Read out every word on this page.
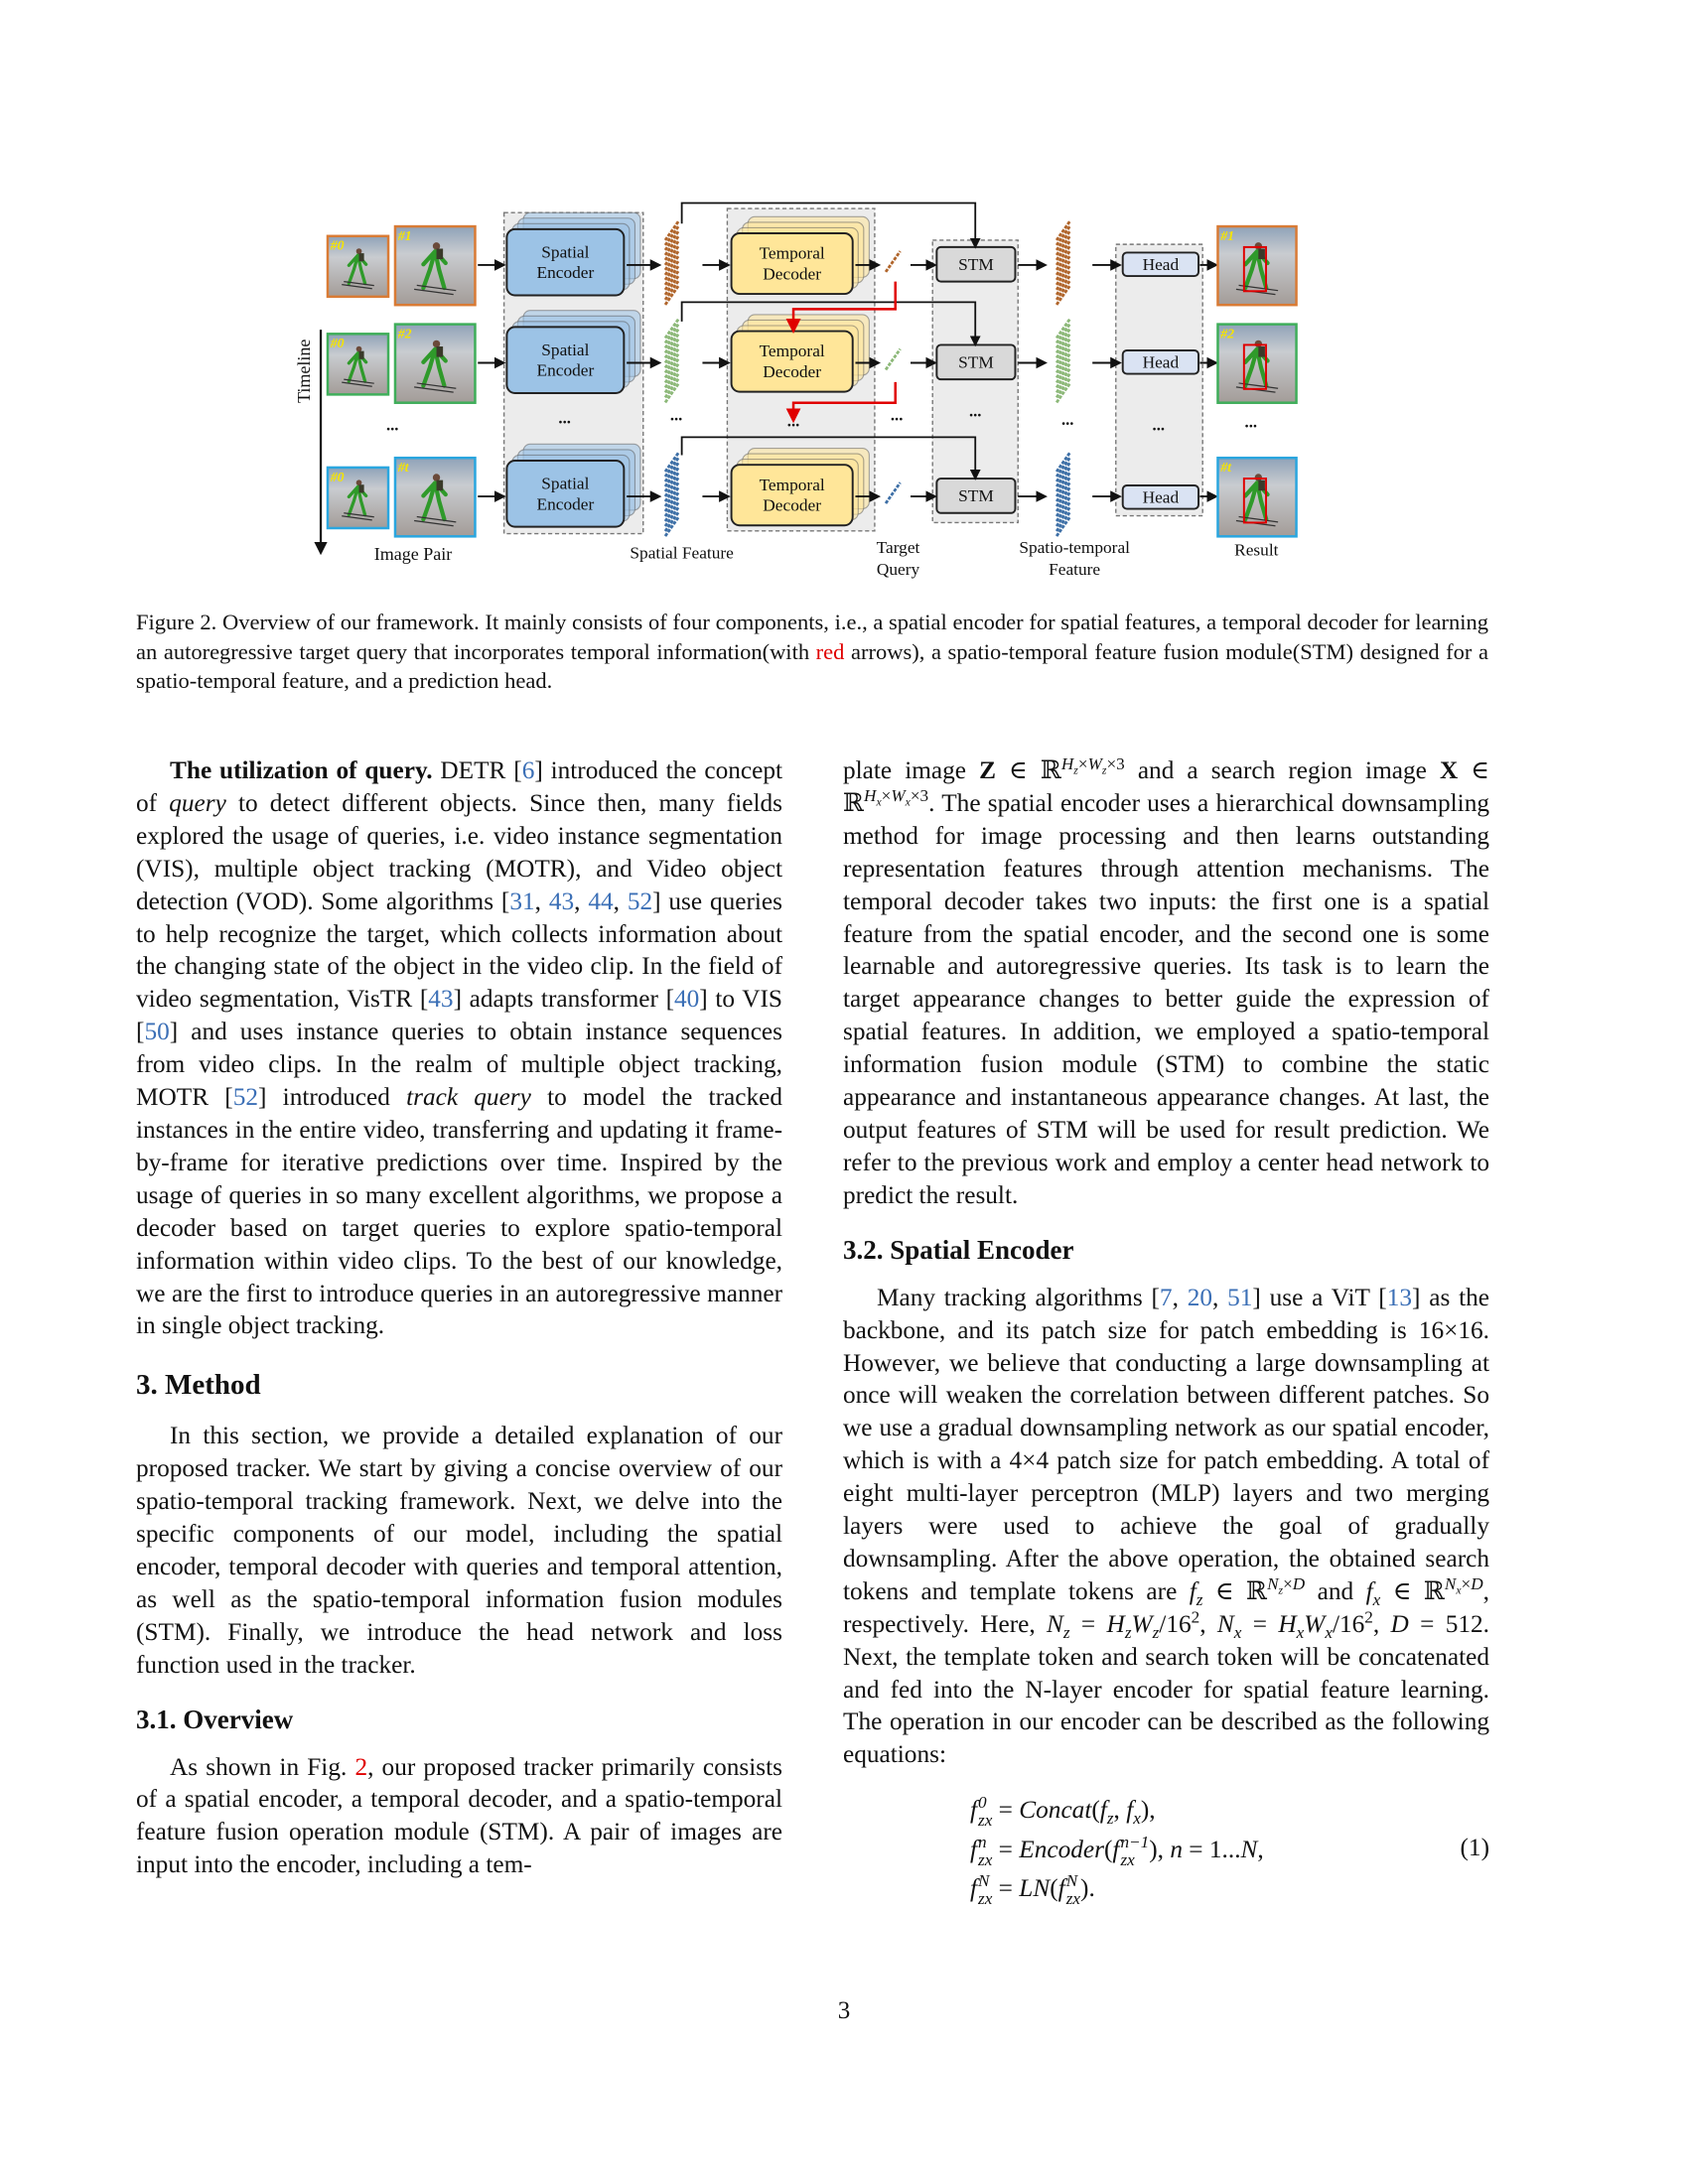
Timeline
#0
#1
Spatial
Encoder
Temporal
Decoder
STM	Head
#1
#0
#2
Spatial
Encoder
Temporal
Decoder
STM	Head
#2
#0
#t
Spatial
Encoder
Temporal
Decoder
STM	Head
#t
...	...	...	...	...	...	...	...	...
Image Pair	Spatial Feature	Target
Query
Spatio-temporal
Feature
Result
Figure 2. Overview of our framework. It mainly consists of four components, i.e., a spatial encoder for spatial features, a temporal decoder for learning an autoregressive target query that incorporates temporal information(with red arrows), a spatio-temporal feature fusion module(STM) designed for a spatio-temporal feature, and a prediction head.

The utilization of query. DETR [6] introduced the concept of query to detect different objects. Since then, many fields explored the usage of queries, i.e. video instance segmentation (VIS), multiple object tracking (MOTR), and Video object detection (VOD). Some algorithms [31, 43, 44, 52] use queries to help recognize the target, which collects information about the changing state of the object in the video clip. In the field of video segmentation, VisTR [43] adapts transformer [40] to VIS [50] and uses instance queries to obtain instance sequences from video clips. In the realm of multiple object tracking, MOTR [52] introduced track query to model the tracked instances in the entire video, transferring and updating it frame-by-frame for iterative predictions over time. Inspired by the usage of queries in so many excellent algorithms, we propose a decoder based on target queries to explore spatio-temporal information within video clips. To the best of our knowledge, we are the first to introduce queries in an autoregressive manner in single object tracking.

3. Method

In this section, we provide a detailed explanation of our proposed tracker. We start by giving a concise overview of our spatio-temporal tracking framework. Next, we delve into the specific components of our model, including the spatial encoder, temporal decoder with queries and temporal attention, as well as the spatio-temporal information fusion modules (STM). Finally, we introduce the head network and loss function used in the tracker.

3.1. Overview

As shown in Fig. 2, our proposed tracker primarily consists of a spatial encoder, a temporal decoder, and a spatio-temporal feature fusion operation module (STM). A pair of images are input into the encoder, including a tem-

plate image Z ∈ ℝ$^{H_z\times W_z\times 3}$ and a search region image X ∈ ℝ$^{H_x\times W_x\times 3}$. The spatial encoder uses a hierarchical downsampling method for image processing and then learns outstanding representation features through attention mechanisms. The temporal decoder takes two inputs: the first one is a spatial feature from the spatial encoder, and the second one is some learnable and autoregressive queries. Its task is to learn the target appearance changes to better guide the expression of spatial features. In addition, we employed a spatio-temporal information fusion module (STM) to combine the static appearance and instantaneous appearance changes. At last, the output features of STM will be used for result prediction. We refer to the previous work and employ a center head network to predict the result.

3.2. Spatial Encoder

Many tracking algorithms [7, 20, 51] use a ViT [13] as the backbone, and its patch size for patch embedding is 16×16. However, we believe that conducting a large downsampling at once will weaken the correlation between different patches. So we use a gradual downsampling network as our spatial encoder, which is with a 4×4 patch size for patch embedding. A total of eight multi-layer perceptron (MLP) layers and two merging layers were used to achieve the goal of gradually downsampling. After the above operation, the obtained search tokens and template tokens are $f_z$ ∈ ℝ$^{N_z\times D}$ and $f_x$ ∈ ℝ$^{N_x\times D}$, respectively. Here, $N_z = H_zW_z/16^2$, $N_x = H_xW_x/16^2$, D = 512. Next, the template token and search token will be concatenated and fed into the N-layer encoder for spatial feature learning. The operation in our encoder can be described as the following equations:

f 0
zx = $Concat(f_z$, $f_x$),
f n
zx = Encoder(f n−1
zx ), n = 1...N,
f N
zx = LN(f N
zx ).
(1)
3
